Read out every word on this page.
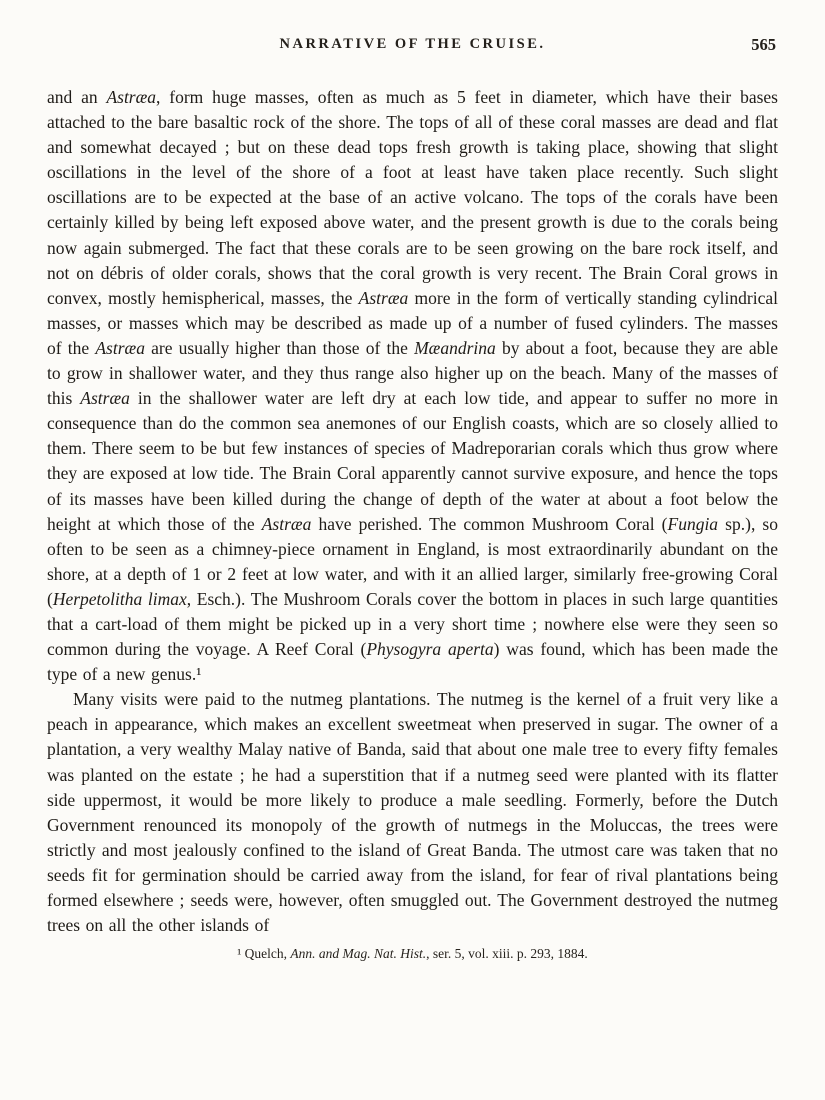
NARRATIVE OF THE CRUISE.	565

and an Astræa, form huge masses, often as much as 5 feet in diameter, which have their bases attached to the bare basaltic rock of the shore. The tops of all of these coral masses are dead and flat and somewhat decayed ; but on these dead tops fresh growth is taking place, showing that slight oscillations in the level of the shore of a foot at least have taken place recently. Such slight oscillations are to be expected at the base of an active volcano. The tops of the corals have been certainly killed by being left exposed above water, and the present growth is due to the corals being now again submerged. The fact that these corals are to be seen growing on the bare rock itself, and not on débris of older corals, shows that the coral growth is very recent. The Brain Coral grows in convex, mostly hemispherical, masses, the Astræa more in the form of vertically standing cylindrical masses, or masses which may be described as made up of a number of fused cylinders. The masses of the Astræa are usually higher than those of the Mæandrina by about a foot, because they are able to grow in shallower water, and they thus range also higher up on the beach. Many of the masses of this Astræa in the shallower water are left dry at each low tide, and appear to suffer no more in consequence than do the common sea anemones of our English coasts, which are so closely allied to them. There seem to be but few instances of species of Madreporarian corals which thus grow where they are exposed at low tide. The Brain Coral apparently cannot survive exposure, and hence the tops of its masses have been killed during the change of depth of the water at about a foot below the height at which those of the Astræa have perished. The common Mushroom Coral (Fungia sp.), so often to be seen as a chimney-piece ornament in England, is most extraordinarily abundant on the shore, at a depth of 1 or 2 feet at low water, and with it an allied larger, similarly free-growing Coral (Herpetolitha limax, Esch.). The Mushroom Corals cover the bottom in places in such large quantities that a cart-load of them might be picked up in a very short time ; nowhere else were they seen so common during the voyage. A Reef Coral (Physogyra aperta) was found, which has been made the type of a new genus.¹

Many visits were paid to the nutmeg plantations. The nutmeg is the kernel of a fruit very like a peach in appearance, which makes an excellent sweetmeat when preserved in sugar. The owner of a plantation, a very wealthy Malay native of Banda, said that about one male tree to every fifty females was planted on the estate ; he had a superstition that if a nutmeg seed were planted with its flatter side uppermost, it would be more likely to produce a male seedling. Formerly, before the Dutch Government renounced its monopoly of the growth of nutmegs in the Moluccas, the trees were strictly and most jealously confined to the island of Great Banda. The utmost care was taken that no seeds fit for germination should be carried away from the island, for fear of rival plantations being formed elsewhere ; seeds were, however, often smuggled out. The Government destroyed the nutmeg trees on all the other islands of

¹ Quelch, Ann. and Mag. Nat. Hist., ser. 5, vol. xiii. p. 293, 1884.
